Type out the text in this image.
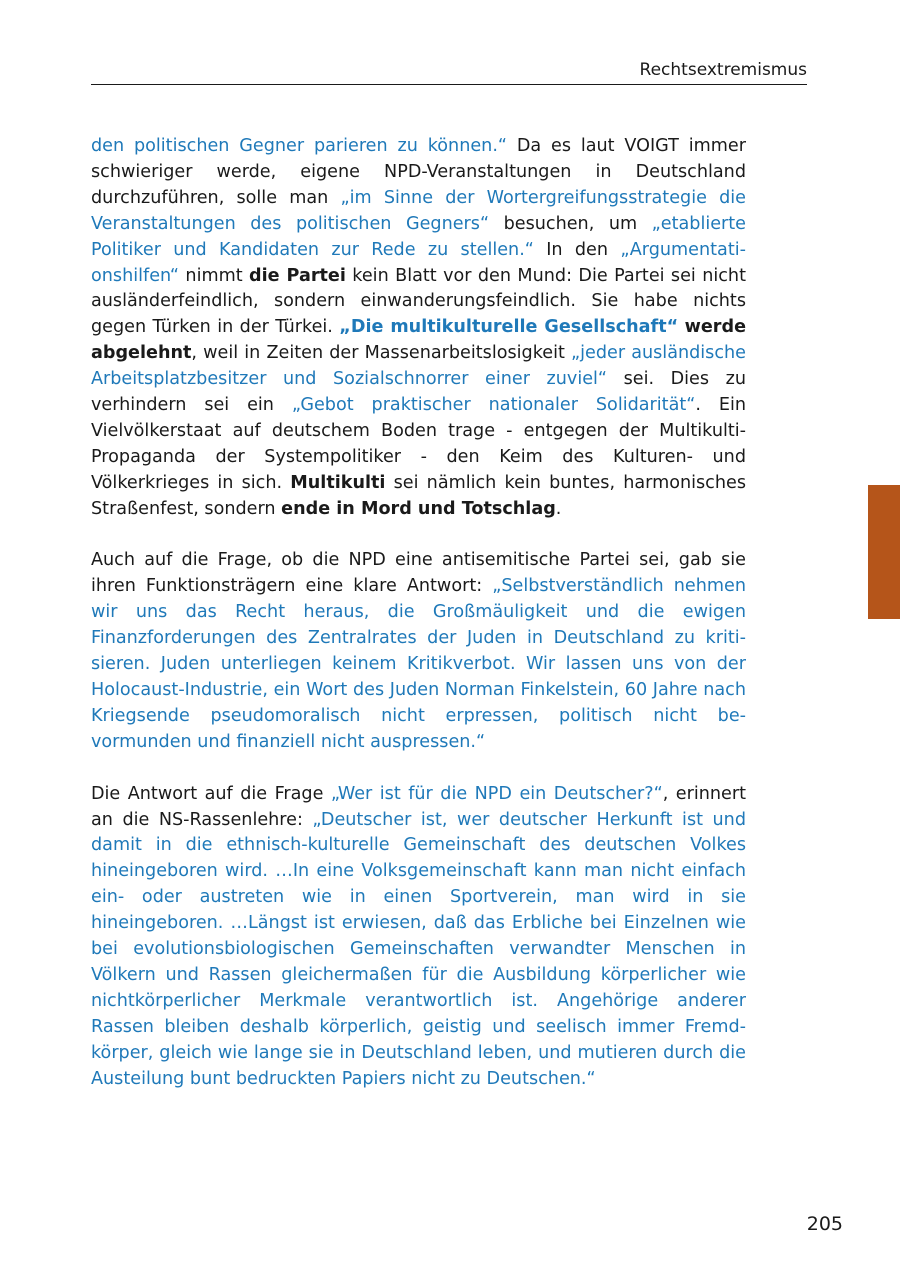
Rechtsextremismus

den politischen Gegner parieren zu können.“ Da es laut VOIGT immer schwieriger werde, eigene NPD-Veranstaltungen in Deutschland durchzuführen, solle man „im Sinne der Wortergreifungsstrategie die Veranstaltungen des politischen Gegners“ besuchen, um „etablierte Politiker und Kandidaten zur Rede zu stellen.“ In den „Argumentationshilfen“ nimmt die Partei kein Blatt vor den Mund: Die Partei sei nicht ausländerfeindlich, sondern einwanderungsfeindlich. Sie habe nichts gegen Türken in der Türkei. „Die multikulturelle Gesellschaft“ werde abgelehnt, weil in Zeiten der Massenarbeitslosigkeit „jeder ausländische Arbeitsplatzbesitzer und Sozialschnorrer einer zuviel“ sei. Dies zu verhindern sei ein „Gebot praktischer nationaler Solidarität“. Ein Vielvölkerstaat auf deutschem Boden trage - entgegen der Multikulti-Propaganda der Systempolitiker - den Keim des Kulturen- und Völkerkrieges in sich. Multikulti sei nämlich kein buntes, harmonisches Straßenfest, sondern ende in Mord und Totschlag.

Auch auf die Frage, ob die NPD eine antisemitische Partei sei, gab sie ihren Funktionsträgern eine klare Antwort: „Selbstverständlich nehmen wir uns das Recht heraus, die Großmäuligkeit und die ewigen Finanzforderungen des Zentralrates der Juden in Deutschland zu kritisieren. Juden unterliegen keinem Kritikverbot. Wir lassen uns von der Holocaust-Industrie, ein Wort des Juden Norman Finkelstein, 60 Jahre nach Kriegsende pseudomoralisch nicht erpressen, politisch nicht bevormunden und finanziell nicht auspressen.“

Die Antwort auf die Frage „Wer ist für die NPD ein Deutscher?“, erinnert an die NS-Rassenlehre: „Deutscher ist, wer deutscher Herkunft ist und damit in die ethnisch-kulturelle Gemeinschaft des deutschen Volkes hineingeboren wird. …In eine Volksgemeinschaft kann man nicht einfach ein- oder austreten wie in einen Sportverein, man wird in sie hineingeboren. …Längst ist erwiesen, daß das Erbliche bei Einzelnen wie bei evolutionsbiologischen Gemeinschaften verwandter Menschen in Völkern und Rassen gleichermaßen für die Ausbildung körperlicher wie nichtkörperlicher Merkmale verantwortlich ist. Angehörige anderer Rassen bleiben deshalb körperlich, geistig und seelisch immer Fremdkörper, gleich wie lange sie in Deutschland leben, und mutieren durch die Austeilung bunt bedruckten Papiers nicht zu Deutschen.“

205
